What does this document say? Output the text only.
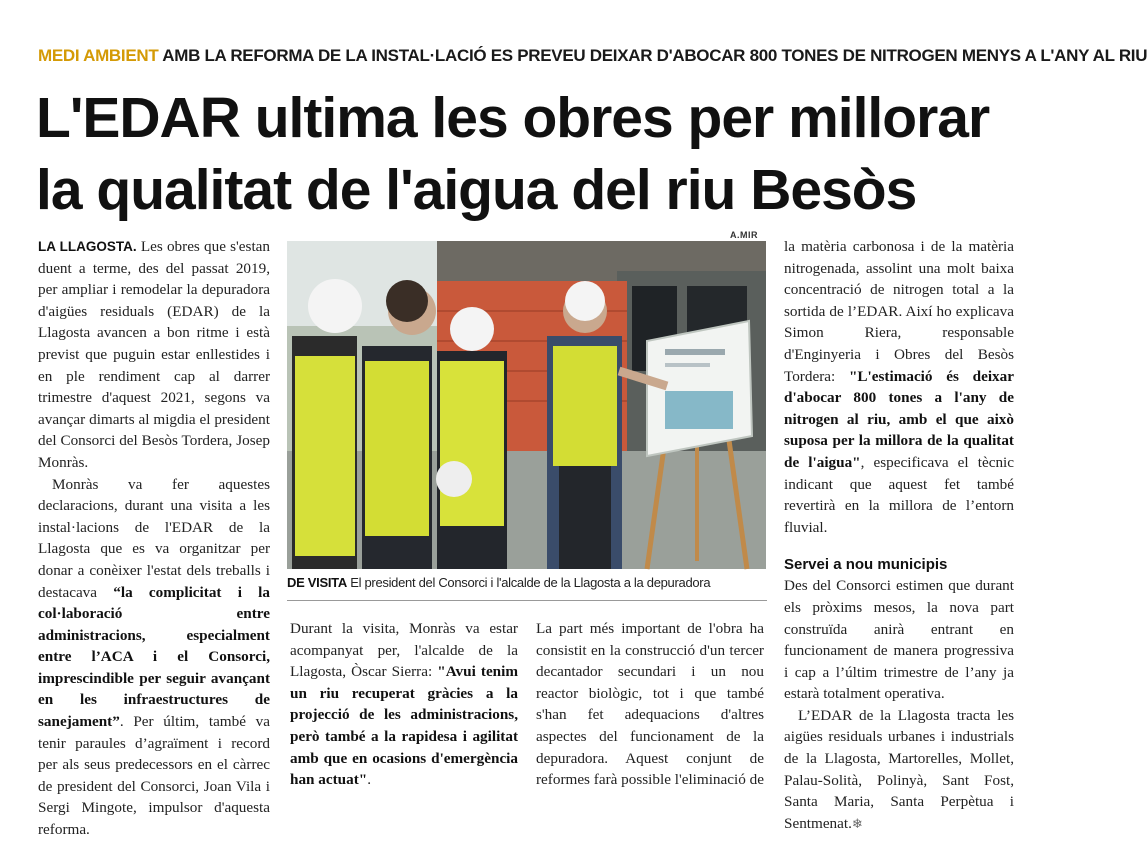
MEDI AMBIENT AMB LA REFORMA DE LA INSTAL·LACIÓ ES PREVEU DEIXAR D'ABOCAR 800 TONES DE NITROGEN MENYS A L'ANY AL RIU
L'EDAR ultima les obres per millorar
la qualitat de l'aigua del riu Besòs
A.MIR
DE VISITA El president del Consorci i l'alcalde de la Llagosta a la depuradora

LA LLAGOSTA. Les obres que s'estan duent a terme, des del passat 2019, per ampliar i remodelar la depuradora d'aigües residuals (EDAR) de la Llagosta avancen a bon ritme i està previst que puguin estar enllestides i en ple rendiment cap al darrer trimestre d'aquest 2021, segons va avançar dimarts al migdia el president del Consorci del Besòs Tordera, Josep Monràs.

Monràs va fer aquestes declaracions, durant una visita a les instal·lacions de l'EDAR de la Llagosta que es va organitzar per donar a conèixer l'estat dels treballs i destacava “la complicitat i la col·laboració entre administracions, especialment entre l’ACA i el Consorci, imprescindible per seguir avançant en les infraestructures de sanejament”. Per últim, també va tenir paraules d’agraïment i record per als seus predecessors en el càrrec de president del Consorci, Joan Vila i Sergi Mingote, impulsor d'aquesta reforma.

Durant la visita, Monràs va estar acompanyat per, l'alcalde de la Llagosta, Òscar Sierra: "Avui tenim un riu recuperat gràcies a la projecció de les administracions, però també a la rapidesa i agilitat amb que en ocasions d'emergència han actuat".

La part més important de l'obra ha consistit en la construcció d'un tercer decantador secundari i un nou reactor biològic, tot i que també s'han fet adequacions d'altres aspectes del funcionament de la depuradora. Aquest conjunt de reformes farà possible l'eliminació de

la matèria carbonosa i de la matèria nitrogenada, assolint una molt baixa concentració de nitrogen total a la sortida de l’EDAR. Així ho explicava Simon Riera, responsable d'Enginyeria i Obres del Besòs Tordera: "L'estimació és deixar d'abocar 800 tones a l'any de nitrogen al riu, amb el que això suposa per la millora de la qualitat de l'aigua", especificava el tècnic indicant que aquest fet també revertirà en la millora de l’entorn fluvial.

Servei a nou municipis

Des del Consorci estimen que durant els pròxims mesos, la nova part construïda anirà entrant en funcionament de manera progressiva i cap a l’últim trimestre de l’any ja estarà totalment operativa.

L’EDAR de la Llagosta tracta les aigües residuals urbanes i industrials de la Llagosta, Martorelles, Mollet, Palau-Solità, Polinyà, Sant Fost, Santa Maria, Santa Perpètua i Sentmenat.❄
